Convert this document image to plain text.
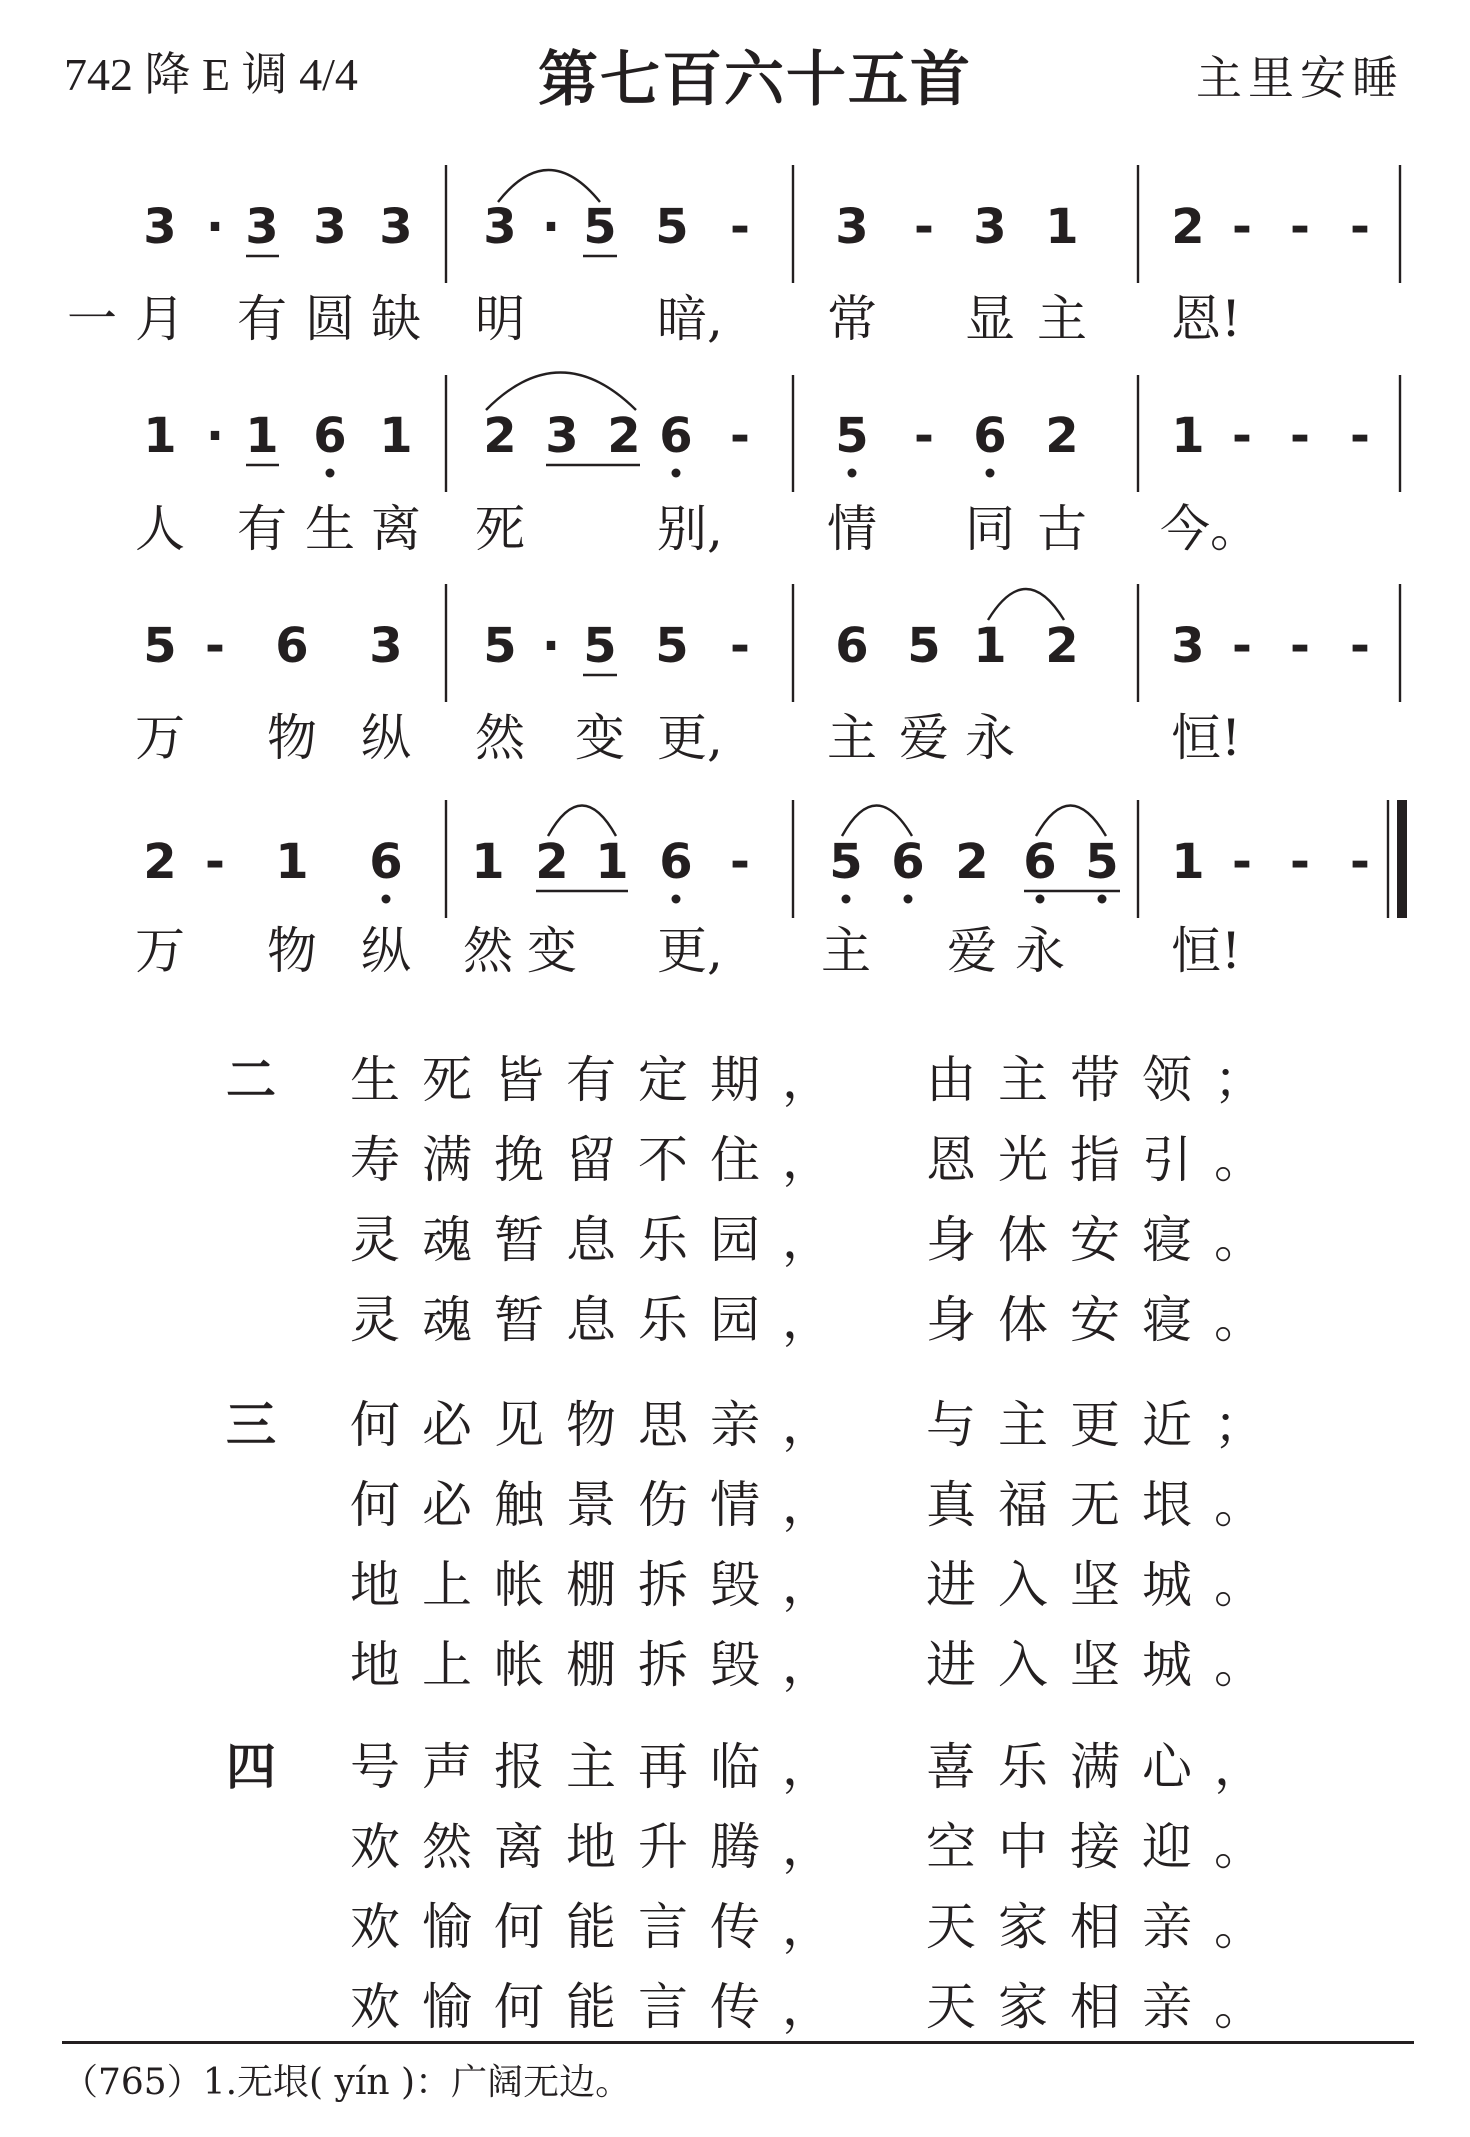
742 降 E 调 4/4	第七百六十五首	主里安睡
3 · 3 3 3 3 · 5 5 - 3 - 3 1 2 - - -
一 月 有 圆 缺 明	暗, 常 显 主 恩!
1 · 1 6 1 2 3 2 6 - 5 - 6 2 1 - - -
人 有 生 离 死	别, 情 同 古 今。
5 - 6 3 5 · 5 5 - 6 5 1 2 3 - - -
万 物 纵 然 变 更, 主 爱 永	恒!
2 - 1 6 1 2 1 6 - 5 6 2 6 5 1 - - -
万 物 纵 然 变 更, 主 爱 永 恒!
二 生死皆有定期， 由主带领；
寿满挽留不住， 恩光指引。
灵魂暂息乐园， 身体安寝。
灵魂暂息乐园， 身体安寝。
三 何必见物思亲， 与主更近；
何必触景伤情， 真福无垠。
地上帐棚拆毁， 进入坚城。
地上帐棚拆毁， 进入坚城。
四 号声报主再临， 喜乐满心，
欢然离地升腾， 空中接迎。
欢愉何能言传， 天家相亲。
欢愉何能言传， 天家相亲。
（765）1.无垠( yín )：广阔无边。
